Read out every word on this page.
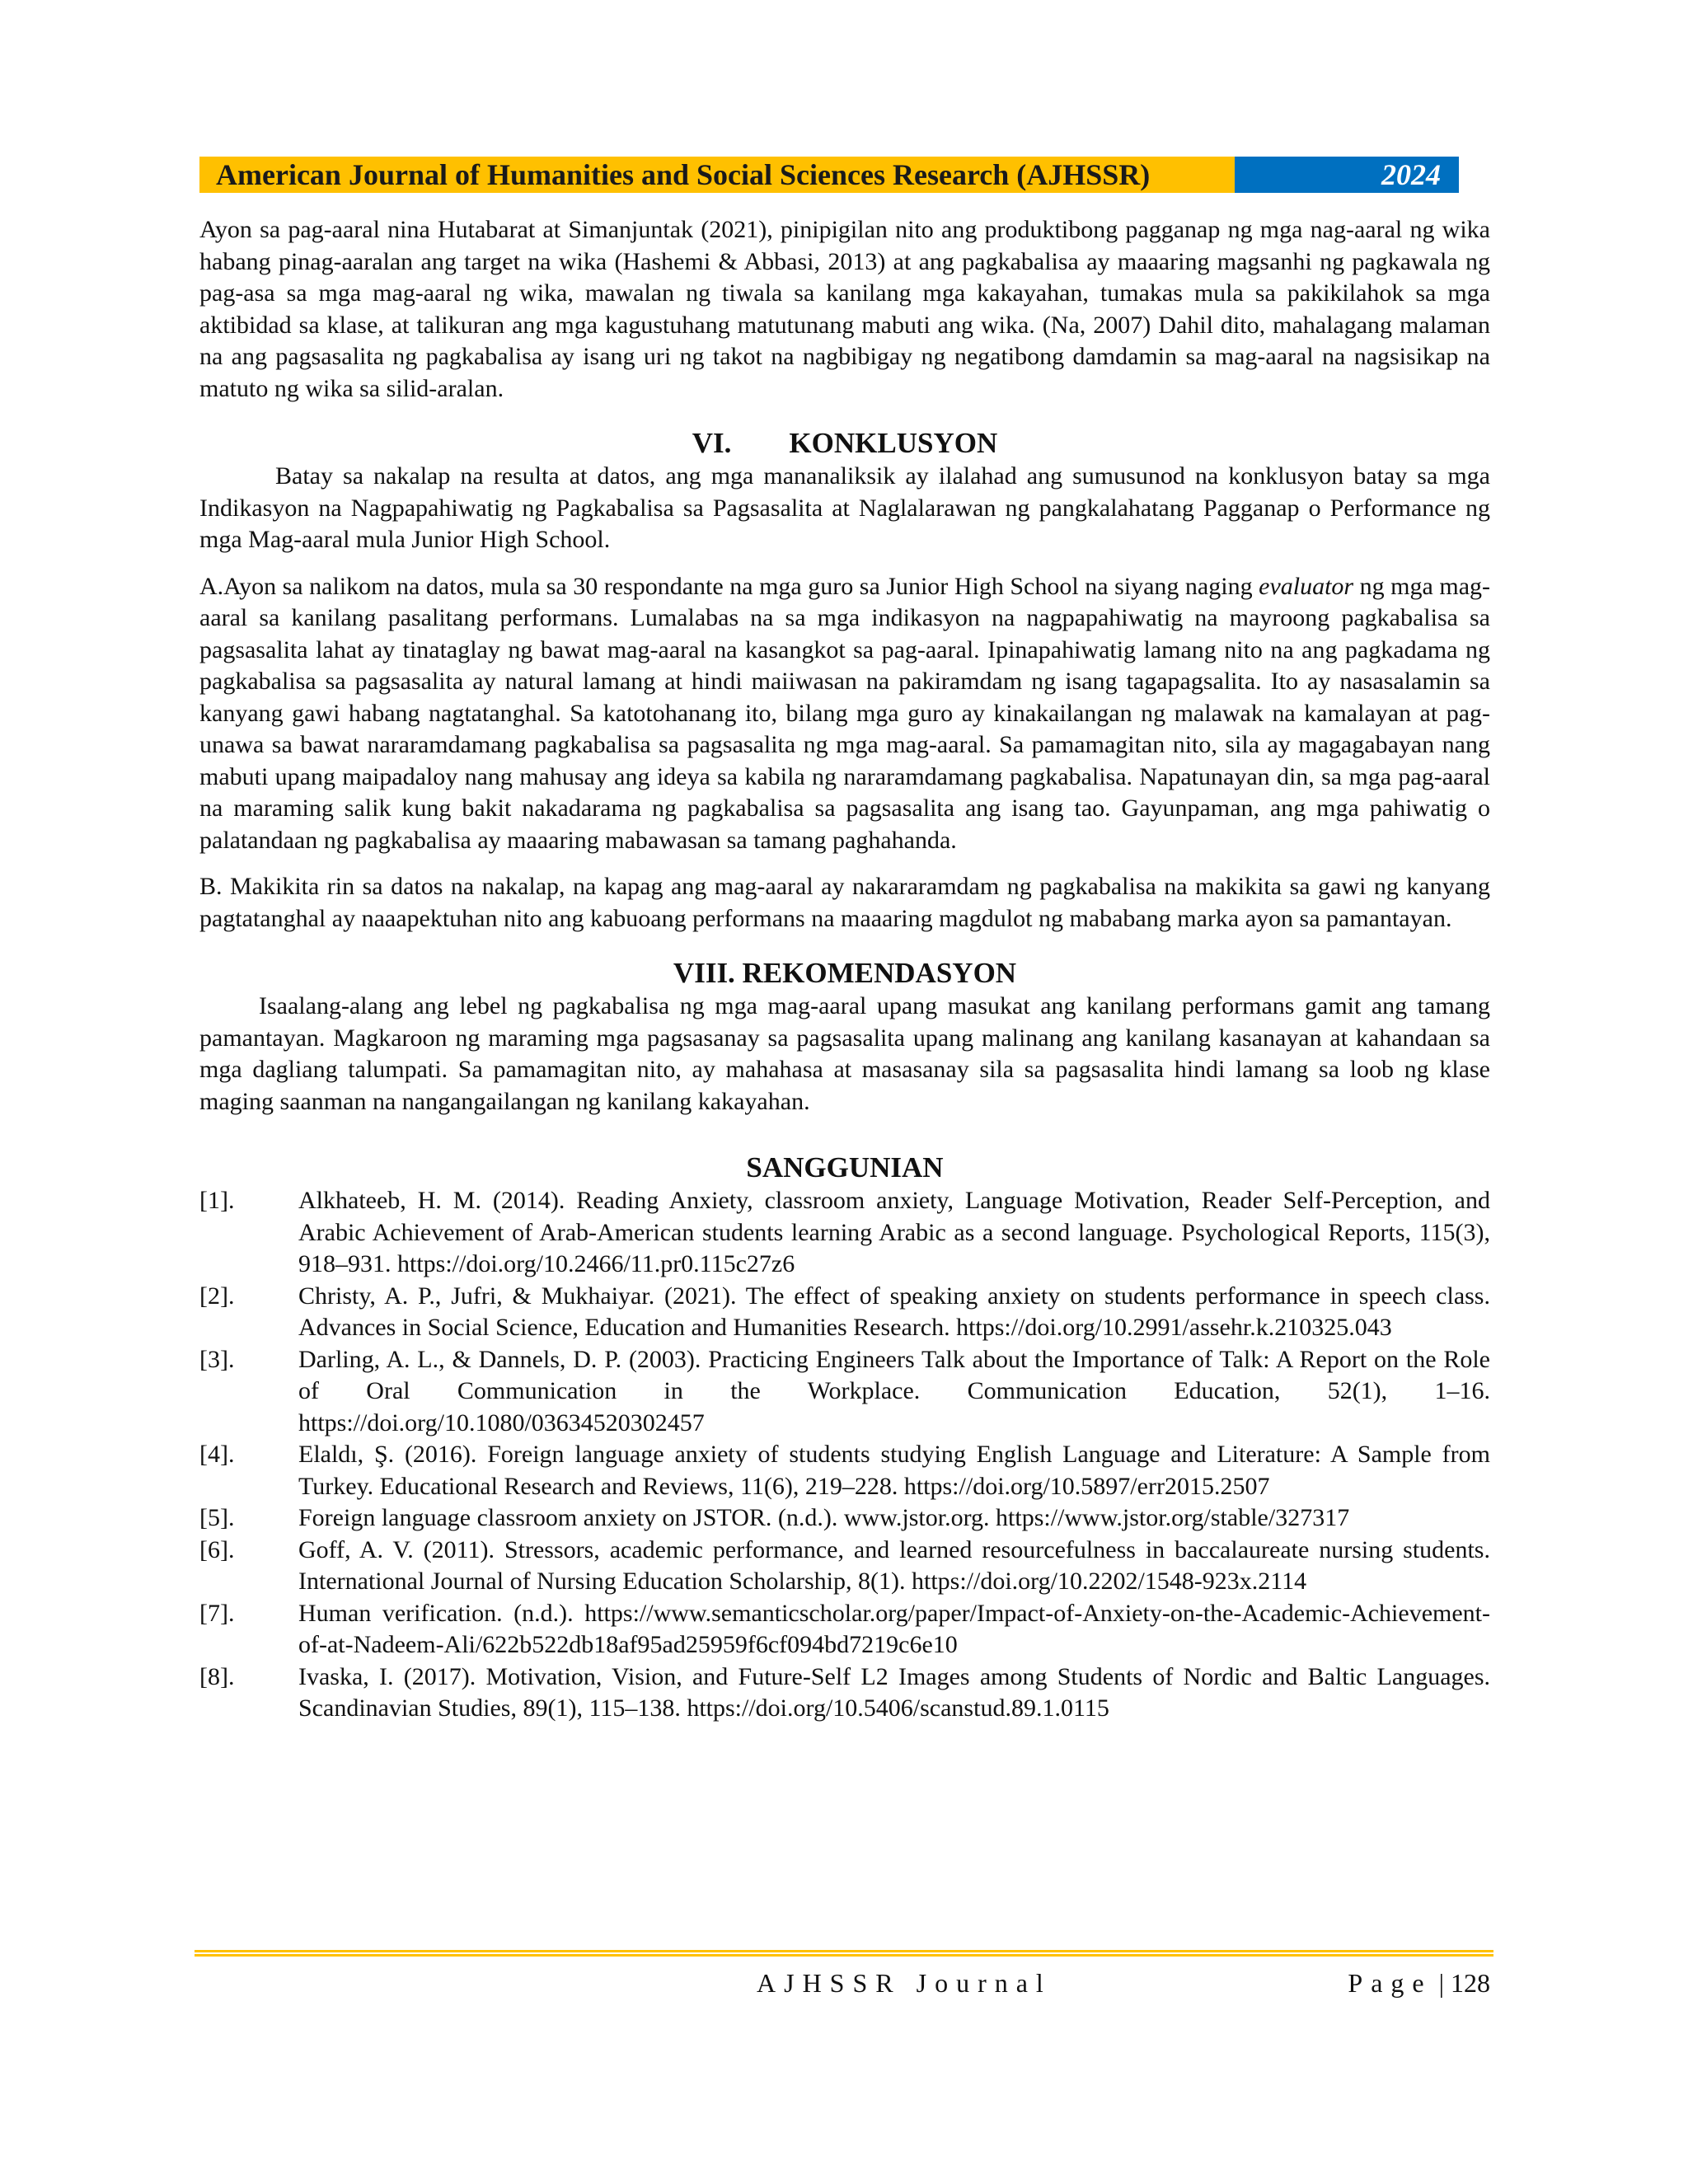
American Journal of Humanities and Social Sciences Research (AJHSSR)	2024

Ayon sa pag-aaral nina Hutabarat at Simanjuntak (2021), pinipigilan nito ang produktibong pagganap ng mga nag-aaral ng wika habang pinag-aaralan ang target na wika (Hashemi & Abbasi, 2013) at ang pagkabalisa ay maaaring magsanhi ng pagkawala ng pag-asa sa mga mag-aaral ng wika, mawalan ng tiwala sa kanilang mga kakayahan, tumakas mula sa pakikilahok sa mga aktibidad sa klase, at talikuran ang mga kagustuhang matutunang mabuti ang wika. (Na, 2007) Dahil dito, mahalagang malaman na ang pagsasalita ng pagkabalisa ay isang uri ng takot na nagbibigay ng negatibong damdamin sa mag-aaral na nagsisikap na matuto ng wika sa silid-aralan.

VI. KONKLUSYON

Batay sa nakalap na resulta at datos, ang mga mananaliksik ay ilalahad ang sumusunod na konklusyon batay sa mga Indikasyon na Nagpapahiwatig ng Pagkabalisa sa Pagsasalita at Naglalarawan ng pangkalahatang Pagganap o Performance ng mga Mag-aaral mula Junior High School.

A.Ayon sa nalikom na datos, mula sa 30 respondante na mga guro sa Junior High School na siyang naging evaluator ng mga mag-aaral sa kanilang pasalitang performans. Lumalabas na sa mga indikasyon na nagpapahiwatig na mayroong pagkabalisa sa pagsasalita lahat ay tinataglay ng bawat mag-aaral na kasangkot sa pag-aaral. Ipinapahiwatig lamang nito na ang pagkadama ng pagkabalisa sa pagsasalita ay natural lamang at hindi maiiwasan na pakiramdam ng isang tagapagsalita. Ito ay nasasalamin sa kanyang gawi habang nagtatanghal. Sa katotohanang ito, bilang mga guro ay kinakailangan ng malawak na kamalayan at pag-unawa sa bawat nararamdamang pagkabalisa sa pagsasalita ng mga mag-aaral. Sa pamamagitan nito, sila ay magagabayan nang mabuti upang maipadaloy nang mahusay ang ideya sa kabila ng nararamdamang pagkabalisa. Napatunayan din, sa mga pag-aaral na maraming salik kung bakit nakadarama ng pagkabalisa sa pagsasalita ang isang tao. Gayunpaman, ang mga pahiwatig o palatandaan ng pagkabalisa ay maaaring mabawasan sa tamang paghahanda.

B. Makikita rin sa datos na nakalap, na kapag ang mag-aaral ay nakararamdam ng pagkabalisa na makikita sa gawi ng kanyang pagtatanghal ay naaapektuhan nito ang kabuoang performans na maaaring magdulot ng mababang marka ayon sa pamantayan.

VIII. REKOMENDASYON

Isaalang-alang ang lebel ng pagkabalisa ng mga mag-aaral upang masukat ang kanilang performans gamit ang tamang pamantayan. Magkaroon ng maraming mga pagsasanay sa pagsasalita upang malinang ang kanilang kasanayan at kahandaan sa mga dagliang talumpati. Sa pamamagitan nito, ay mahahasa at masasanay sila sa pagsasalita hindi lamang sa loob ng klase maging saanman na nangangailangan ng kanilang kakayahan.

SANGGUNIAN
[1].	Alkhateeb, H. M. (2014). Reading Anxiety, classroom anxiety, Language Motivation, Reader Self-Perception, and Arabic Achievement of Arab-American students learning Arabic as a second language. Psychological Reports, 115(3), 918–931. https://doi.org/10.2466/11.pr0.115c27z6
[2].	Christy, A. P., Jufri, & Mukhaiyar. (2021). The effect of speaking anxiety on students performance in speech class. Advances in Social Science, Education and Humanities Research. https://doi.org/10.2991/assehr.k.210325.043
[3].	Darling, A. L., & Dannels, D. P. (2003). Practicing Engineers Talk about the Importance of Talk: A Report on the Role of Oral Communication in the Workplace. Communication Education, 52(1), 1–16. https://doi.org/10.1080/03634520302457
[4].	Elaldı, Ş. (2016). Foreign language anxiety of students studying English Language and Literature: A Sample from Turkey. Educational Research and Reviews, 11(6), 219–228. https://doi.org/10.5897/err2015.2507
[5].	Foreign language classroom anxiety on JSTOR. (n.d.). www.jstor.org. https://www.jstor.org/stable/327317
[6].	Goff, A. V. (2011). Stressors, academic performance, and learned resourcefulness in baccalaureate nursing students. International Journal of Nursing Education Scholarship, 8(1). https://doi.org/10.2202/1548-923x.2114
[7].	Human verification. (n.d.). https://www.semanticscholar.org/paper/Impact-of-Anxiety-on-the-Academic-Achievement-of-at-Nadeem-Ali/622b522db18af95ad25959f6cf094bd7219c6e10
[8].	Ivaska, I. (2017). Motivation, Vision, and Future-Self L2 Images among Students of Nordic and Baltic Languages. Scandinavian Studies, 89(1), 115–138. https://doi.org/10.5406/scanstud.89.1.0115
AJHSSR Journal	Page | 128
